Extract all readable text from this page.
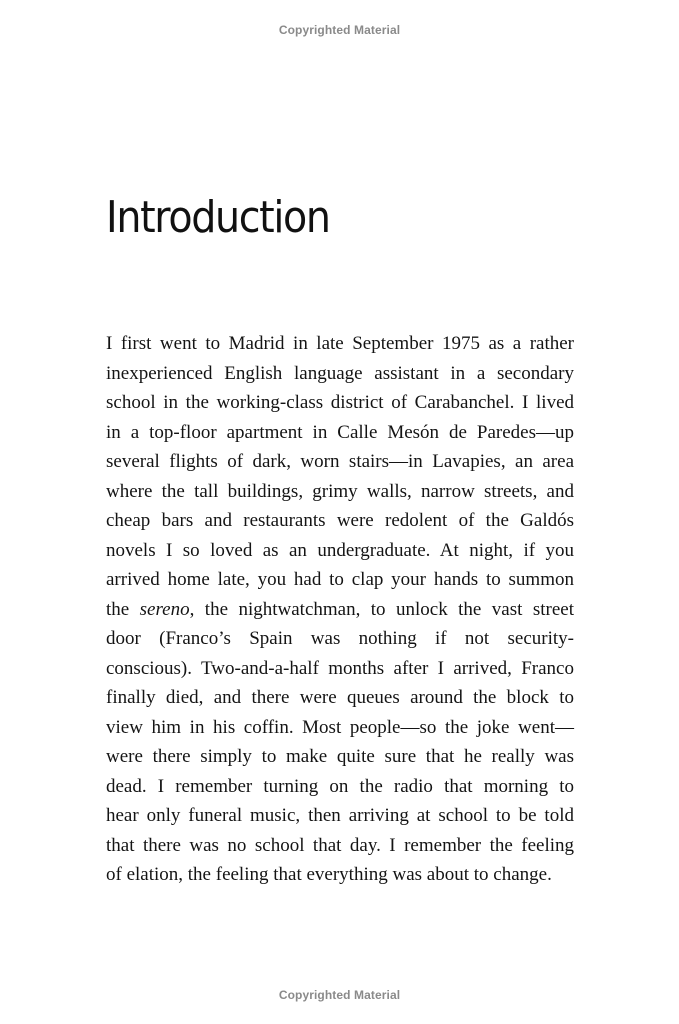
Copyrighted Material
Introduction
I first went to Madrid in late September 1975 as a rather
inexperienced English language assistant in a secondary
school in the working-class district of Carabanchel. I lived
in a top-floor apartment in Calle Mesón de Paredes—up
several flights of dark, worn stairs—in Lavapies, an area
where the tall buildings, grimy walls, narrow streets, and
cheap bars and restaurants were redolent of the Galdós
novels I so loved as an undergraduate. At night, if you
arrived home late, you had to clap your hands to summon
the sereno, the nightwatchman, to unlock the vast street
door (Franco’s Spain was nothing if not security-
conscious). Two-and-a-half months after I arrived, Franco
finally died, and there were queues around the block to
view him in his coffin. Most people—so the joke went—
were there simply to make quite sure that he really was
dead. I remember turning on the radio that morning to
hear only funeral music, then arriving at school to be told
that there was no school that day. I remember the feeling
of elation, the feeling that everything was about to change.
Copyrighted Material
